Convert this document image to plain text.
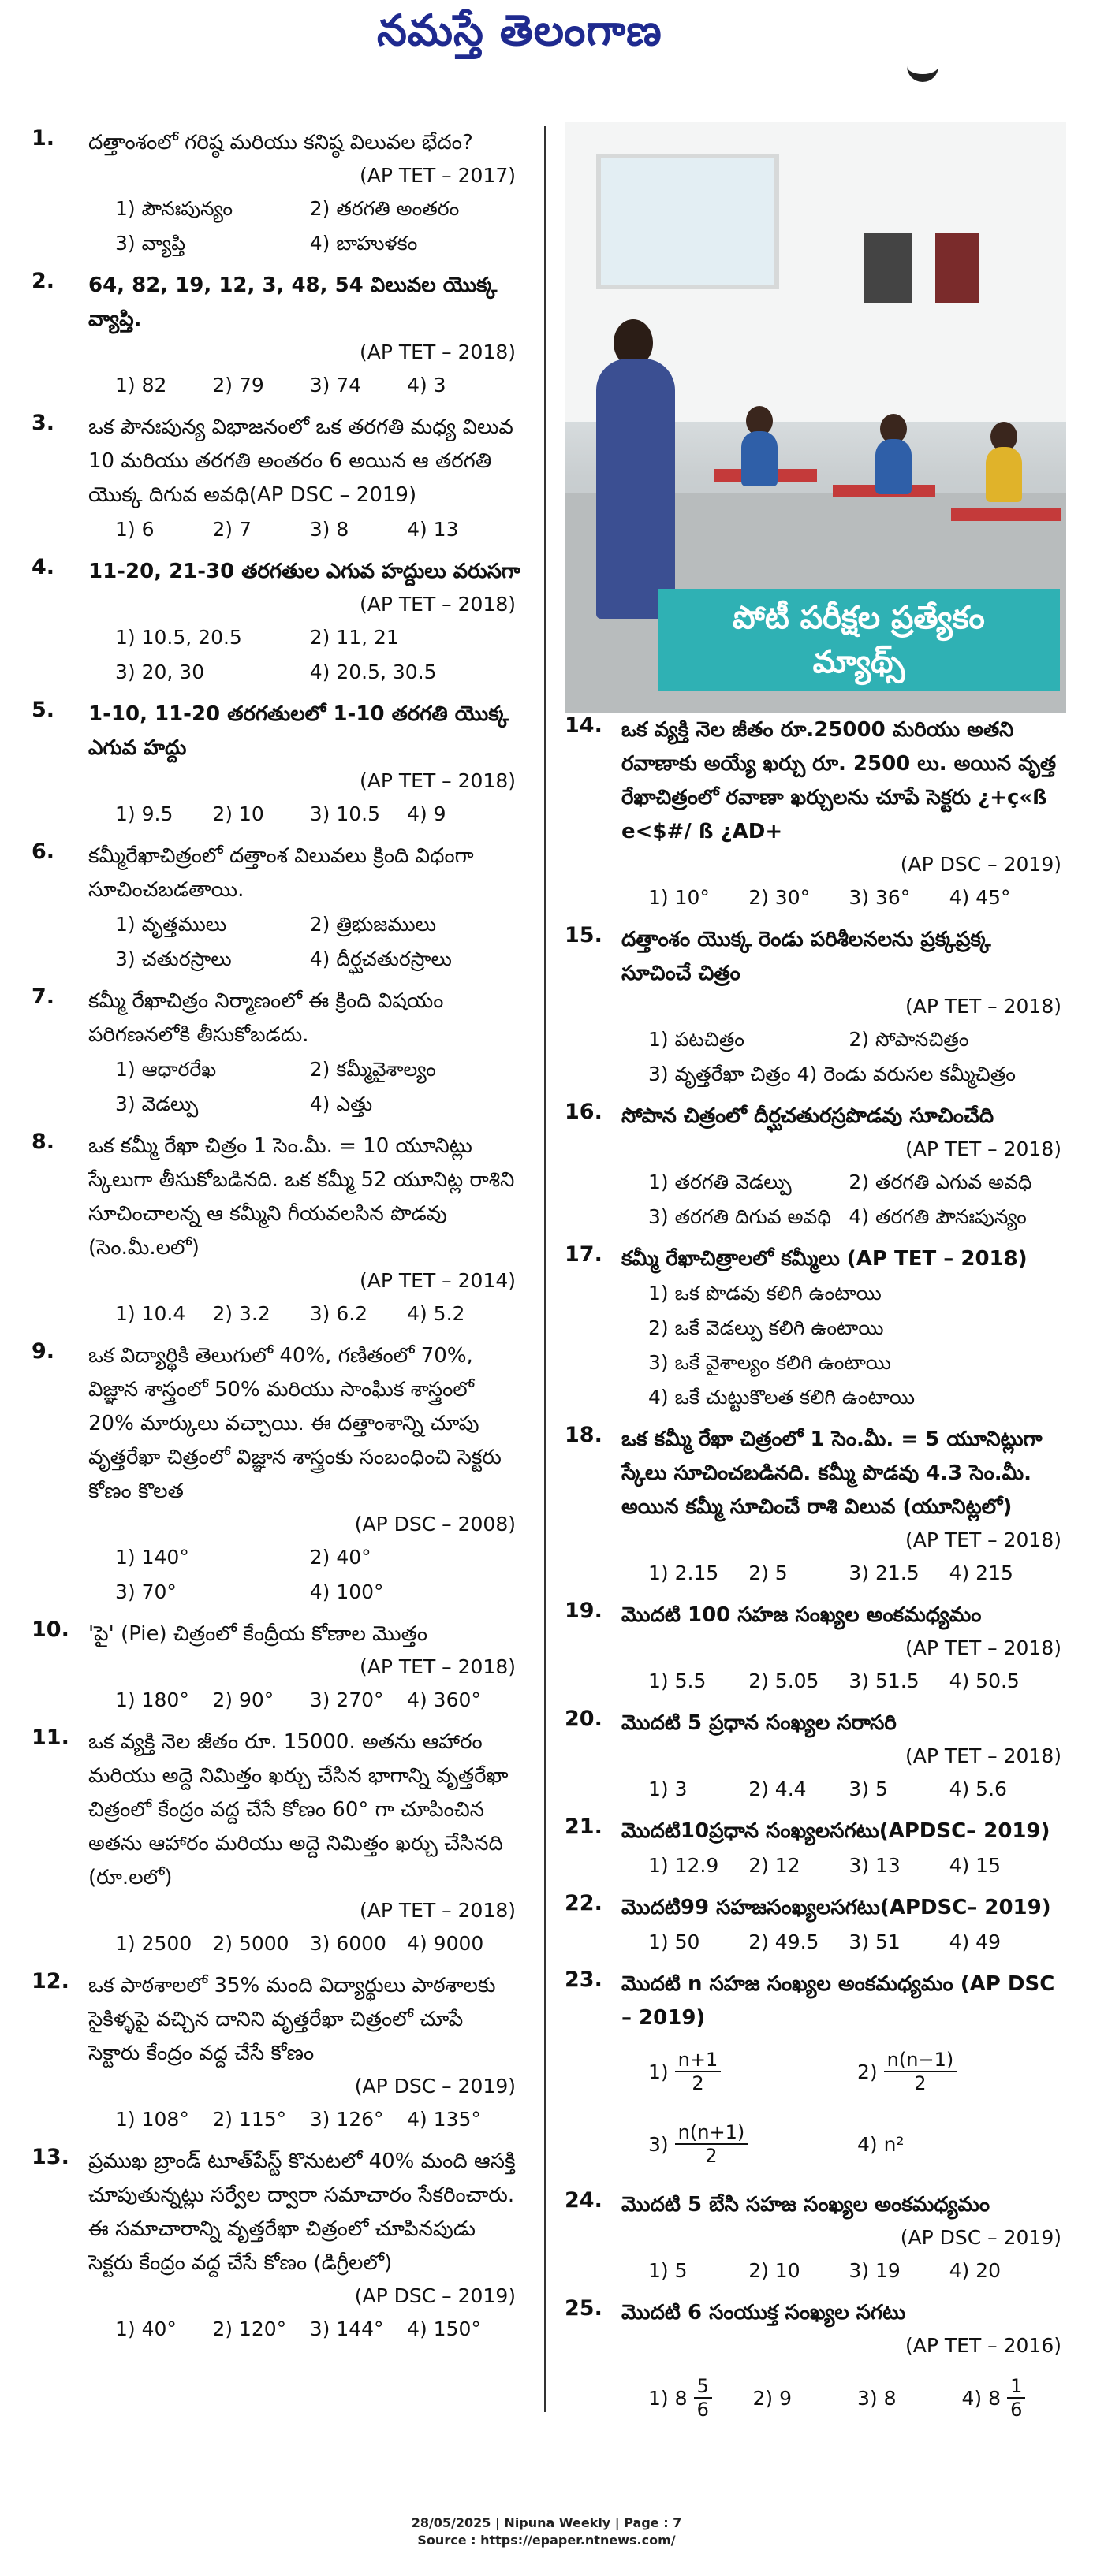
నమస్తే తెలంగాణ
పోటీ పరీక్షల ప్రత్యేకం
మ్యాథ్స్
1.	దత్తాంశంలో గరిష్ఠ మరియు కనిష్ఠ విలువల భేదం?
(AP TET – 2017)
1) పౌనఃపున్యం	2) తరగతి అంతరం
3) వ్యాప్తి	4) బాహుళకం
2.	64, 82, 19, 12, 3, 48, 54 విలువల యొక్క వ్యాప్తి.
(AP TET – 2018)
1) 82	2) 79	3) 74	4) 3
3.	ఒక పౌనఃపున్య విభాజనంలో ఒక తరగతి మధ్య విలువ 10 మరియు తరగతి అంతరం 6 అయిన ఆ తరగతి యొక్క దిగువ అవధి(AP DSC – 2019)
1) 6	2) 7	3) 8	4) 13
4.	11-20, 21-30 తరగతుల ఎగువ హద్దులు వరుసగా
(AP TET – 2018)
1) 10.5, 20.5	2) 11, 21
3) 20, 30	4) 20.5, 30.5
5.	1-10, 11-20 తరగతులలో 1-10 తరగతి యొక్క ఎగువ హద్దు
(AP TET – 2018)
1) 9.5	2) 10	3) 10.5	4) 9
6.	కమ్మీరేఖాచిత్రంలో దత్తాంశ విలువలు క్రింది విధంగా సూచించబడతాయి.
1) వృత్తములు	2) త్రిభుజములు
3) చతురస్రాలు	4) దీర్ఘచతురస్రాలు
7.	కమ్మీ రేఖాచిత్రం నిర్మాణంలో ఈ క్రింది విషయం పరిగణనలోకి తీసుకోబడదు.
1) ఆధారరేఖ	2) కమ్మీవైశాల్యం
3) వెడల్పు	4) ఎత్తు
8.	ఒక కమ్మీ రేఖా చిత్రం 1 సెం.మీ. = 10 యూనిట్లు స్కేలుగా తీసుకోబడినది. ఒక కమ్మీ 52 యూనిట్ల రాశిని సూచించాలన్న ఆ కమ్మీని గీయవలసిన పొడవు (సెం.మీ.లలో)
(AP TET – 2014)
1) 10.4	2) 3.2	3) 6.2	4) 5.2
9.	ఒక విద్యార్థికి తెలుగులో 40%, గణితంలో 70%, విజ్ఞాన శాస్త్రంలో 50% మరియు సాంఘిక శాస్త్రంలో 20% మార్కులు వచ్చాయి. ఈ దత్తాంశాన్ని చూపు వృత్తరేఖా చిత్రంలో విజ్ఞాన శాస్త్రంకు సంబంధించి సెక్టరు కోణం కొలత
(AP DSC – 2008)
1) 140°	2) 40°
3) 70°	4) 100°
10. 'పై' (Pie) చిత్రంలో కేంద్రీయ కోణాల మొత్తం
(AP TET – 2018)
1) 180°	2) 90°	3) 270°	4) 360°
11. ఒక వ్యక్తి నెల జీతం రూ. 15000. అతను ఆహారం మరియు అద్దె నిమిత్తం ఖర్చు చేసిన భాగాన్ని వృత్తరేఖా చిత్రంలో కేంద్రం వద్ద చేసే కోణం 60° గా చూపించిన అతను ఆహారం మరియు అద్దె నిమిత్తం ఖర్చు చేసినది (రూ.లలో)
(AP TET – 2018)
1) 2500	2) 5000	3) 6000	4) 9000
12. ఒక పాఠశాలలో 35% మంది విద్యార్థులు పాఠశాలకు సైకిళ్ళపై వచ్చిన దానిని వృత్తరేఖా చిత్రంలో చూపే సెక్టారు కేంద్రం వద్ద చేసే కోణం
(AP DSC – 2019)
1) 108°	2) 115°	3) 126°	4) 135°
13. ప్రముఖ బ్రాండ్ టూత్‌పేస్ట్ కొనుటలో 40% మంది ఆసక్తి చూపుతున్నట్లు సర్వేల ద్వారా సమాచారం సేకరించారు. ఈ సమాచారాన్ని వృత్తరేఖా చిత్రంలో చూపినపుడు సెక్టరు కేంద్రం వద్ద చేసే కోణం (డిగ్రీలలో)
(AP DSC – 2019)
1) 40°	2) 120°	3) 144°	4) 150°
14. ఒక వ్యక్తి నెల జీతం రూ.25000 మరియు అతని రవాణాకు అయ్యే ఖర్చు రూ. 2500 లు. అయిన వృత్త రేఖాచిత్రంలో రవాణా ఖర్చులను చూపే సెక్టరు ¿+ç«ß e<$#/ ß ¿AD+
(AP DSC – 2019)
1) 10°	2) 30°	3) 36°	4) 45°
15. దత్తాంశం యొక్క రెండు పరిశీలనలను ప్రక్కప్రక్క సూచించే చిత్రం
(AP TET – 2018)
1) పటచిత్రం	2) సోపానచిత్రం
3) వృత్తరేఖా చిత్రం 4) రెండు వరుసల కమ్మీచిత్రం
16. సోపాన చిత్రంలో దీర్ఘచతురస్రపొడవు సూచించేది
(AP TET – 2018)
1) తరగతి వెడల్పు	2) తరగతి ఎగువ అవధి
3) తరగతి దిగువ అవధి 4) తరగతి పౌనఃపున్యం
17. కమ్మీ రేఖాచిత్రాలలో కమ్మీలు (AP TET – 2018)
1) ఒక పొడవు కలిగి ఉంటాయి
2) ఒకే వెడల్పు కలిగి ఉంటాయి
3) ఒకే వైశాల్యం కలిగి ఉంటాయి
4) ఒకే చుట్టుకొలత కలిగి ఉంటాయి
18. ఒక కమ్మీ రేఖా చిత్రంలో 1 సెం.మీ. = 5 యూనిట్లుగా స్కేలు సూచించబడినది. కమ్మీ పొడవు 4.3 సెం.మీ. అయిన కమ్మీ సూచించే రాశి విలువ (యూనిట్లలో)
(AP TET – 2018)
1) 2.15	2) 5	3) 21.5	4) 215
19. మొదటి 100 సహజ సంఖ్యల అంకమధ్యమం
(AP TET – 2018)
1) 5.5	2) 5.05	3) 51.5	4) 50.5
20. మొదటి 5 ప్రధాన సంఖ్యల సరాసరి
(AP TET – 2018)
1) 3	2) 4.4	3) 5	4) 5.6
21. మొదటి10ప్రధాన సంఖ్యలసగటు(APDSC– 2019)
1) 12.9	2) 12	3) 13	4) 15
22. మొదటి99 సహజసంఖ్యలసగటు(APDSC– 2019)
1) 50	2) 49.5	3) 51	4) 49
23. మొదటి n సహజ సంఖ్యల అంకమధ్యమం (AP DSC – 2019)
$1) \frac{n+1}{2}$	$2) \frac{n(n-1)}{2}$
$3) \frac{n(n+1)}{2}$	4) n²
24. మొదటి 5 బేసి సహజ సంఖ్యల అంకమధ్యమం
(AP DSC – 2019)
1) 5	2) 10	3) 19	4) 20
25. మొదటి 6 సంయుక్త సంఖ్యల సగటు
(AP TET – 2016)
1) $8 \frac{5}{6} 2$) 9	3) 8	4) $8 \frac{1}{6}$
28/05/2025 | Nipuna Weekly | Page : 7
Source : https://epaper.ntnews.com/
